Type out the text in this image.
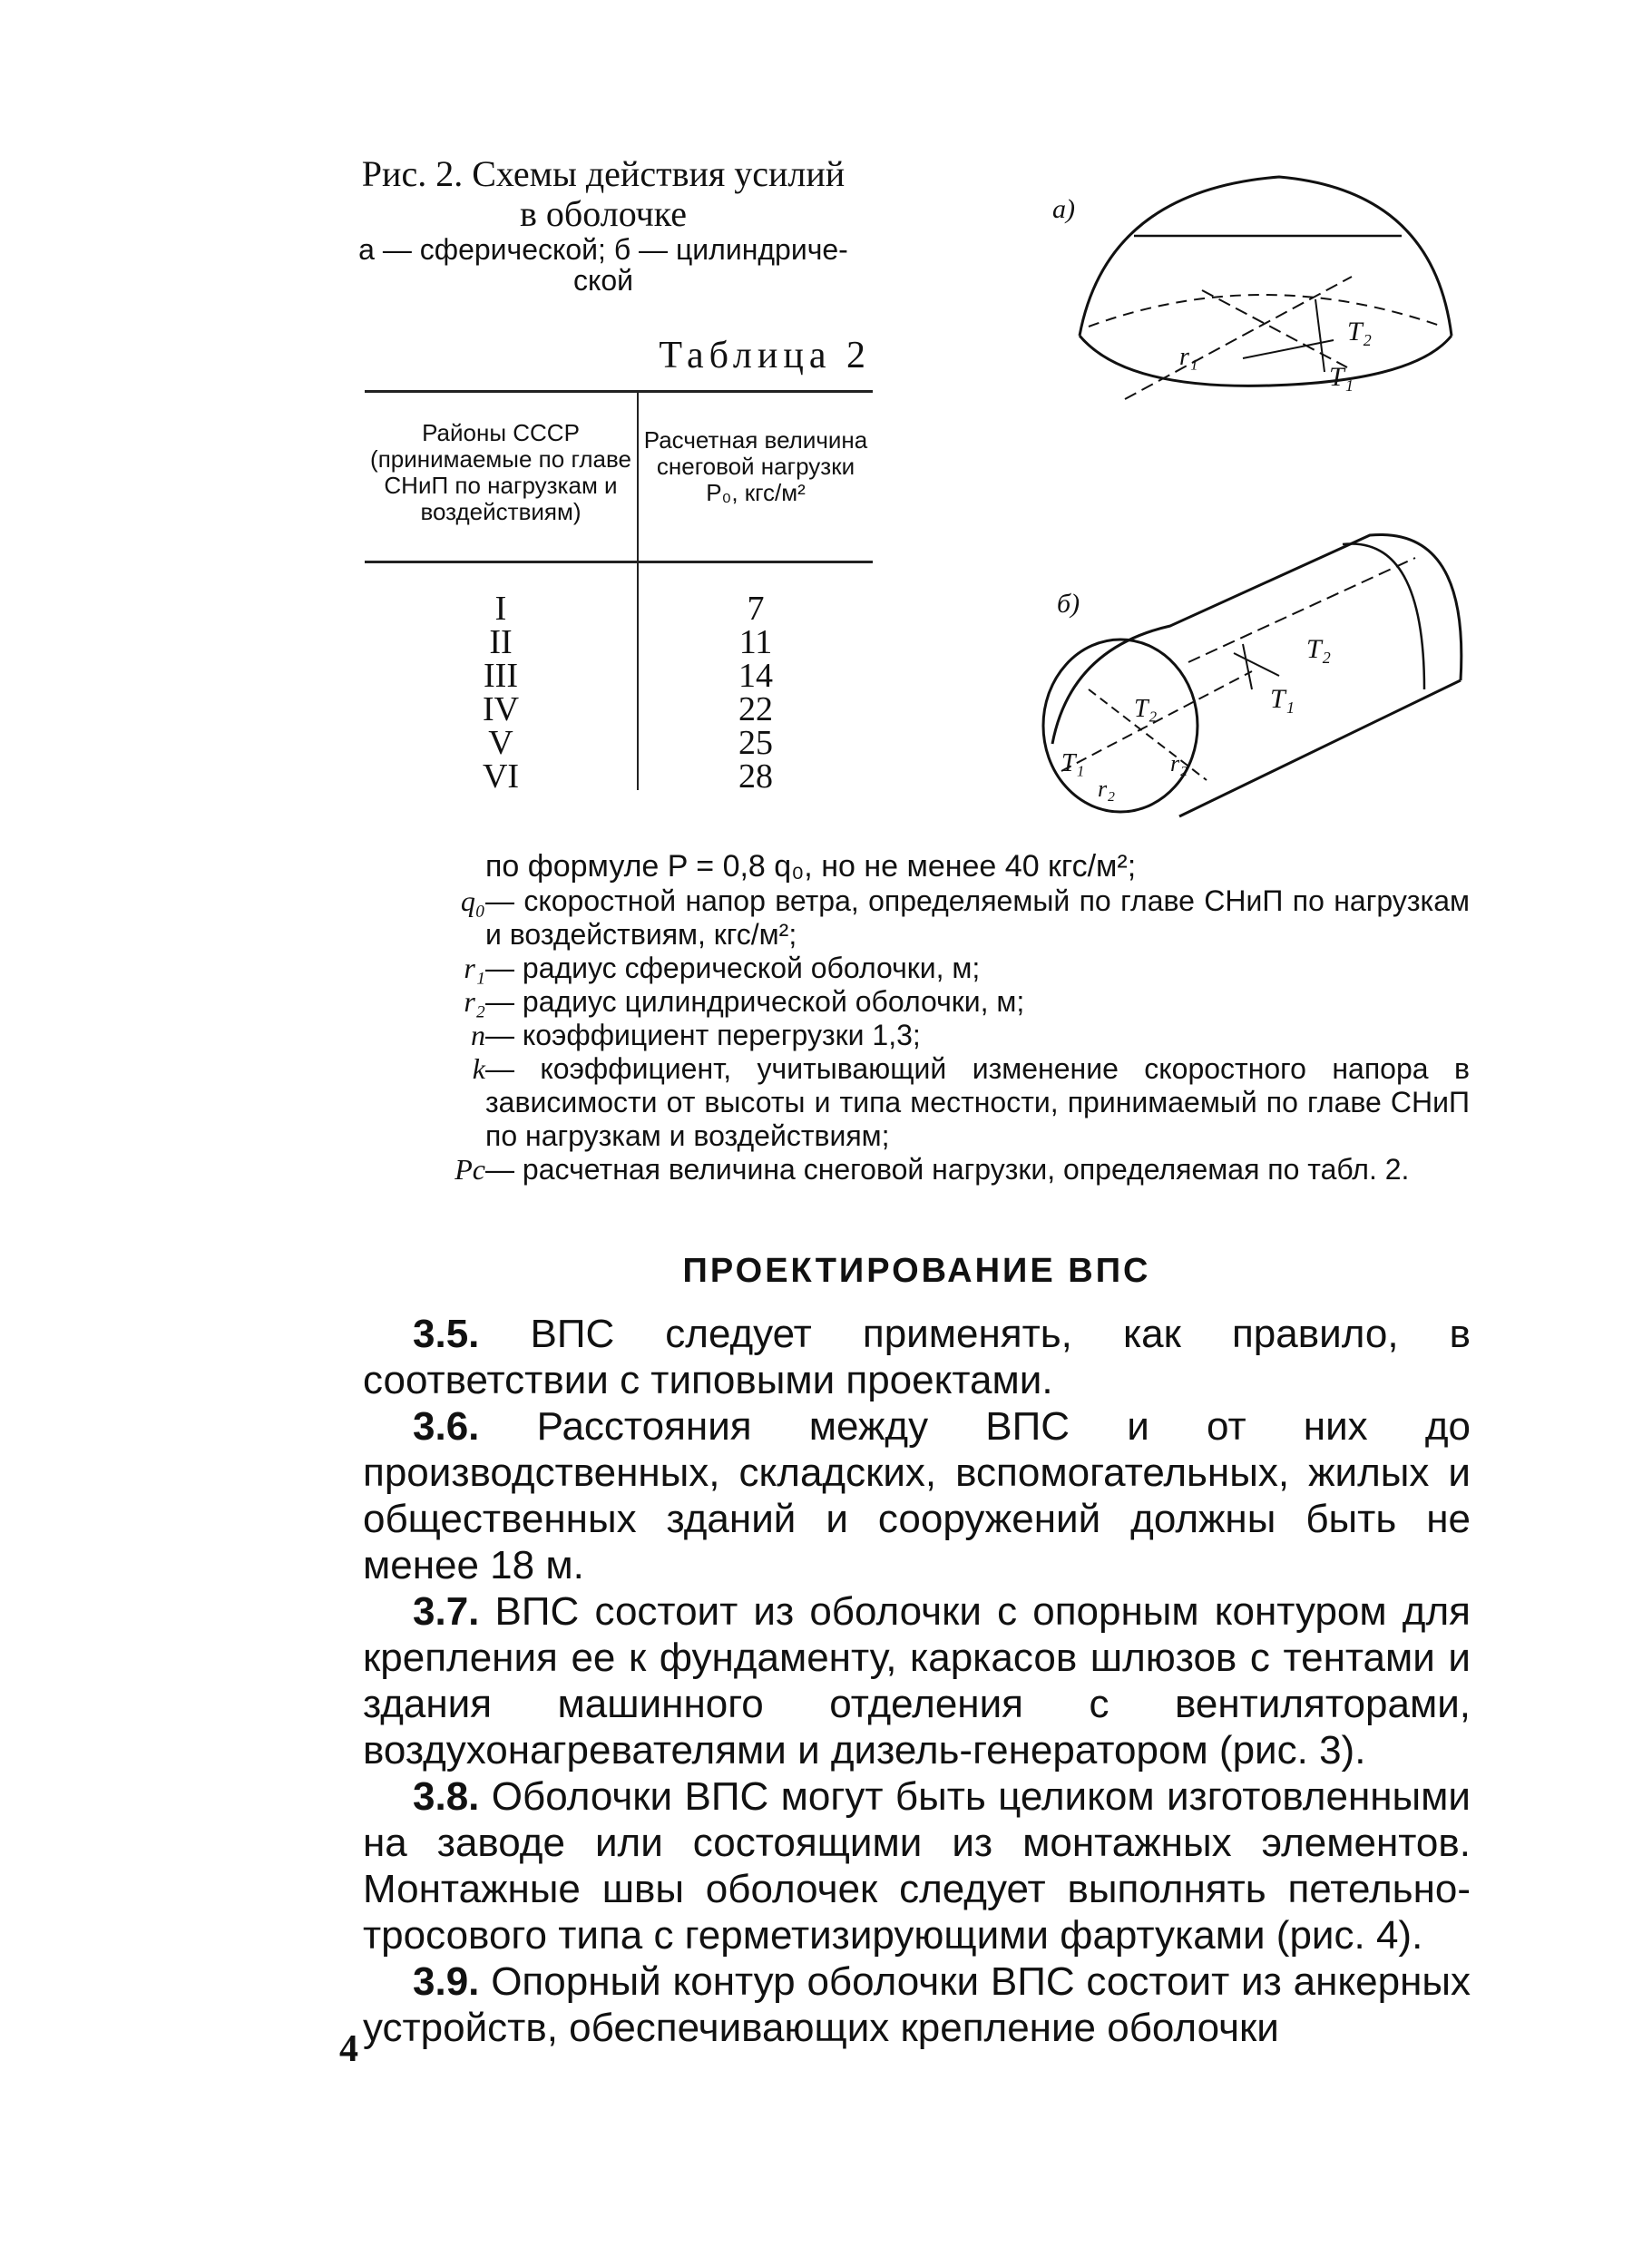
Рис. 2. Схемы действия усилий
в оболочке
а — сферической; б — цилиндриче-
ской
Таблица 2
Районы СССР (принимаемые по главе СНиП по нагрузкам и воздействиям)
Расчетная величина снеговой нагрузки Р₀, кгс/м²
I
II
III
IV
V
VI
7
11
14
22
25
28
а)
r₁
T₂
T₁
б)
T₂
T₁
r₂
r₂
T₂
T₁
по формуле P = 0,8 q₀, но не менее 40 кгс/м²;
q₀ — скоростной напор ветра, определяемый по главе СНиП по нагрузкам и воздействиям, кгс/м²;
r₁ — радиус сферической оболочки, м;
r₂ — радиус цилиндрической оболочки, м;
n — коэффициент перегрузки 1,3;
k — коэффициент, учитывающий изменение скоростного напора в зависимости от высоты и типа местности, принимаемый по главе СНиП по нагрузкам и воздействиям;
Pс — расчетная величина снеговой нагрузки, определяемая по табл. 2.
ПРОЕКТИРОВАНИЕ ВПС

3.5. ВПС следует применять, как правило, в соответствии с типовыми проектами.

3.6. Расстояния между ВПС и от них до производственных, складских, вспомогательных, жилых и общественных зданий и сооружений должны быть не менее 18 м.

3.7. ВПС состоит из оболочки с опорным контуром для крепления ее к фундаменту, каркасов шлюзов с тентами и здания машинного отделения с вентиляторами, воздухонагревателями и дизель-генератором (рис. 3).

3.8. Оболочки ВПС могут быть целиком изготовленными на заводе или состоящими из монтажных элементов. Монтажные швы оболочек следует выполнять петельно-тросового типа с герметизирующими фартуками (рис. 4).

3.9. Опорный контур оболочки ВПС состоит из анкерных устройств, обеспечивающих крепление оболочки

4
